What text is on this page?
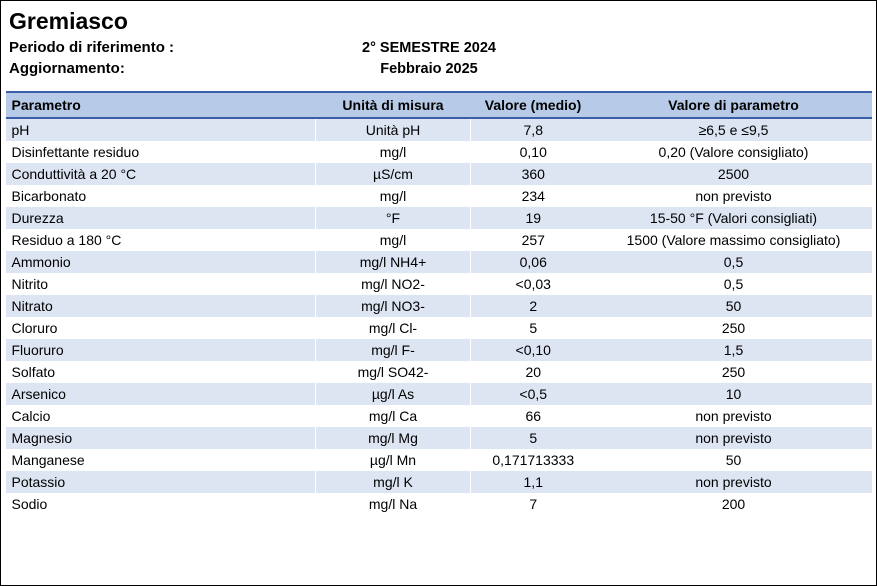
Gremiasco
Periodo di riferimento :	2° SEMESTRE 2024
Aggiornamento:	Febbraio 2025
Parametro	Unità di misura	Valore (medio)	Valore di parametro
pH	Unità pH	7,8	≥6,5 e ≤9,5
Disinfettante residuo	mg/l	0,10	0,20 (Valore consigliato)
Conduttività a 20 °C	µS/cm	360	2500
Bicarbonato	mg/l	234	non previsto
Durezza	°F	19	15-50 °F (Valori consigliati)
Residuo a 180 °C	mg/l	257	1500 (Valore massimo consigliato)
Ammonio	mg/l NH4+	0,06	0,5
Nitrito	mg/l NO2-	<0,03	0,5
Nitrato	mg/l NO3-	2	50
Cloruro	mg/l Cl-	5	250
Fluoruro	mg/l F-	<0,10	1,5
Solfato	mg/l SO42-	20	250
Arsenico	µg/l As	<0,5	10
Calcio	mg/l Ca	66	non previsto
Magnesio	mg/l Mg	5	non previsto
Manganese	µg/l Mn	0,171713333	50
Potassio	mg/l K	1,1	non previsto
Sodio	mg/l Na	7	200
